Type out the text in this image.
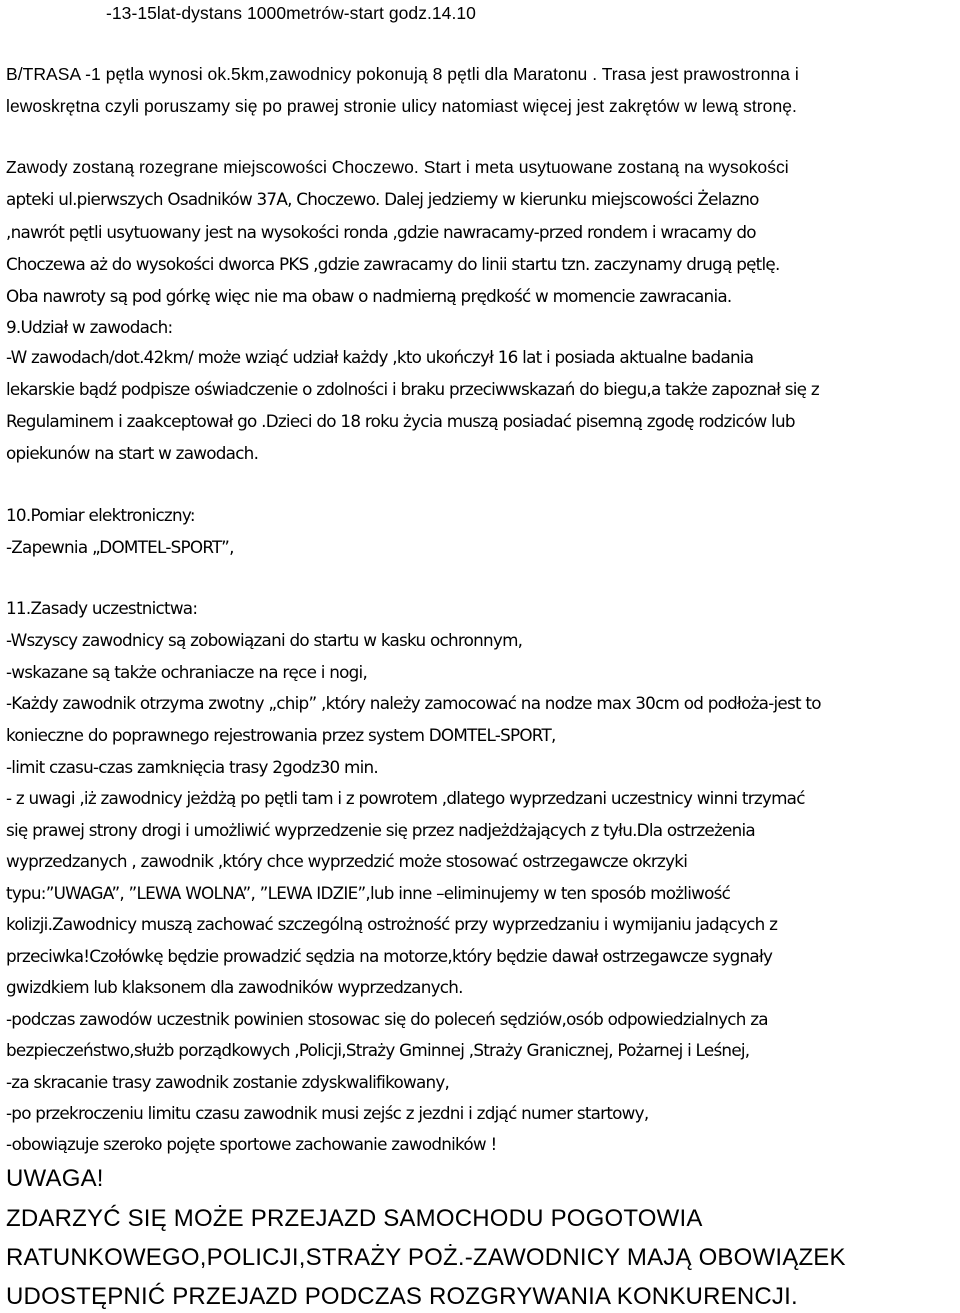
-13-15lat-dystans 1000metrów-start godz.14.10

B/TRASA -1 pętla wynosi ok.5km,zawodnicy pokonują 8 pętli dla Maratonu . Trasa jest prawostronna i

lewoskrętna czyli poruszamy się po prawej stronie ulicy natomiast więcej jest zakrętów w lewą stronę.

Zawody zostaną rozegrane miejscowości Choczewo. Start i meta usytuowane zostaną na wysokości

apteki ul.pierwszych Osadników 37A, Choczewo. Dalej jedziemy w kierunku miejscowości Żelazno

,nawrót pętli usytuowany jest na wysokości ronda ,gdzie nawracamy-przed rondem i wracamy do

Choczewa aż do wysokości dworca PKS ,gdzie zawracamy do linii startu tzn. zaczynamy drugą pętlę.

Oba nawroty są pod górkę więc nie ma obaw o nadmierną prędkość w momencie zawracania.

9.Udział w zawodach:

-W zawodach/dot.42km/ może wziąć udział każdy ,kto ukończył 16 lat i posiada aktualne badania

lekarskie bądź podpisze oświadczenie o zdolności i braku przeciwwskazań do biegu,a także zapoznał się z

Regulaminem i zaakceptował go .Dzieci do 18 roku życia muszą posiadać pisemną zgodę rodziców lub

opiekunów na start w zawodach.

10.Pomiar elektroniczny:

-Zapewnia „DOMTEL-SPORT”,

11.Zasady uczestnictwa:

-Wszyscy zawodnicy są zobowiązani do startu w kasku ochronnym,

-wskazane są także ochraniacze na ręce i nogi,

-Każdy zawodnik otrzyma zwotny „chip” ,który należy zamocować na nodze max 30cm od podłoża-jest to

konieczne do poprawnego rejestrowania przez system DOMTEL-SPORT,

-limit czasu-czas zamknięcia trasy 2godz30 min.

- z uwagi ,iż zawodnicy jeżdżą po pętli tam i z powrotem ,dlatego wyprzedzani uczestnicy winni trzymać

się prawej strony drogi i umożliwić wyprzedzenie się przez nadjeżdżających z tyłu.Dla ostrzeżenia

wyprzedzanych , zawodnik ,który chce wyprzedzić może stosować ostrzegawcze okrzyki

typu:”UWAGA”, ”LEWA WOLNA”, ”LEWA IDZIE”,lub inne –eliminujemy w ten sposób możliwość

kolizji.Zawodnicy muszą zachować szczególną ostrożność przy wyprzedzaniu i wymijaniu jadących z

przeciwka!Czołówkę będzie prowadzić sędzia na motorze,który będzie dawał ostrzegawcze sygnały

gwizdkiem lub klaksonem dla zawodników wyprzedzanych.

-podczas zawodów uczestnik powinien stosowac się do poleceń sędziów,osób odpowiedzialnych za

bezpieczeństwo,służb porządkowych ,Policji,Straży Gminnej ,Straży Granicznej, Pożarnej i Leśnej,

-za skracanie trasy zawodnik zostanie zdyskwalifikowany,

-po przekroczeniu limitu czasu zawodnik musi zejśc z jezdni i zdjąć numer startowy,

-obowiązuje szeroko pojęte sportowe zachowanie zawodników !

UWAGA!

ZDARZYĆ SIĘ MOŻE PRZEJAZD SAMOCHODU POGOTOWIA

RATUNKOWEGO,POLICJI,STRAŻY POŻ.-ZAWODNICY MAJĄ OBOWIĄZEK

UDOSTĘPNIĆ PRZEJAZD PODCZAS ROZGRYWANIA KONKURENCJI.
